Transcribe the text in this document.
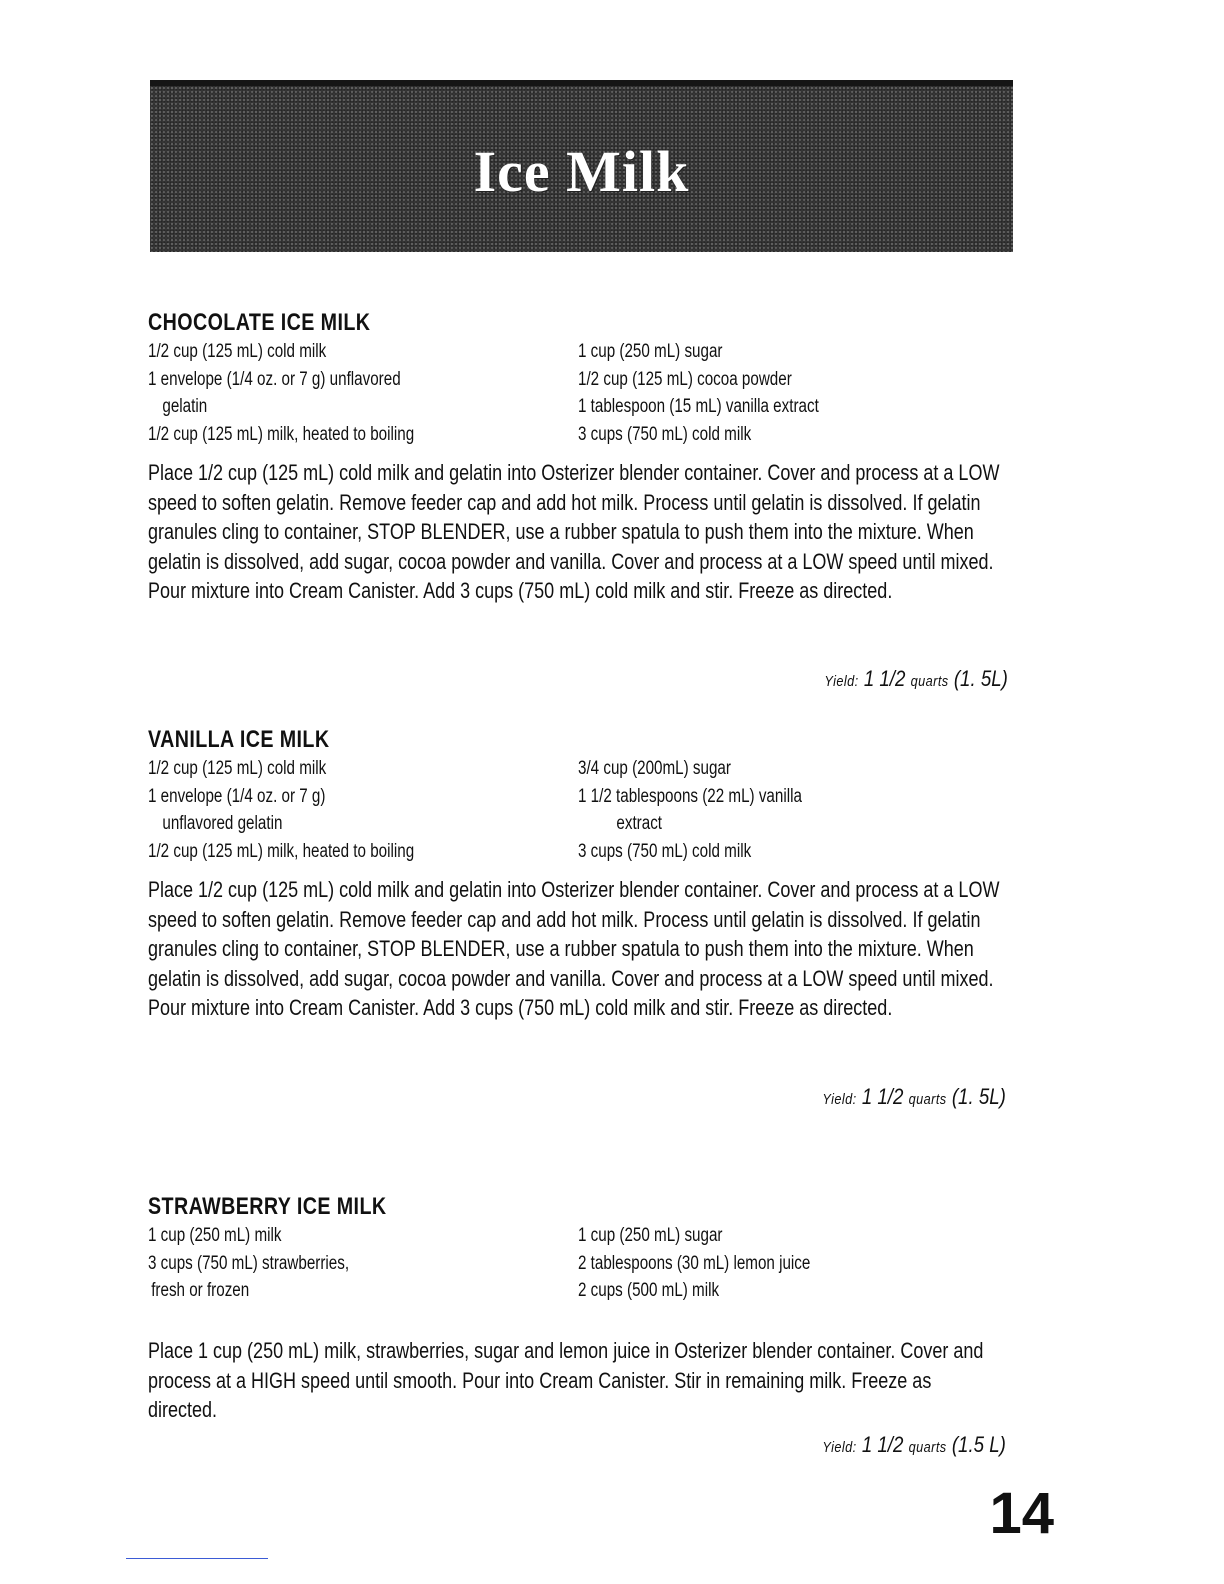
Ice Milk
CHOCOLATE ICE MILK
1/2 cup (125 mL) cold milk
1 envelope (1/4 oz. or 7 g) unflavored
gelatin
1/2 cup (125 mL) milk, heated to boiling
1 cup (250 mL) sugar
1/2 cup (125 mL) cocoa powder
1 tablespoon (15 mL) vanilla extract
3 cups (750 mL) cold milk

Place 1/2 cup (125 mL) cold milk and gelatin into Osterizer blender container. Cover and process at a LOW speed to soften gelatin. Remove feeder cap and add hot milk. Process until gelatin is dissolved. If gelatin granules cling to container, STOP BLENDER, use a rubber spatula to push them into the mixture. When gelatin is dissolved, add sugar, cocoa powder and vanilla. Cover and process at a LOW speed until mixed. Pour mixture into Cream Canister. Add 3 cups (750 mL) cold milk and stir. Freeze as directed.

Yield: 1 1/2 quarts (1. 5L)
VANILLA ICE MILK
1/2 cup (125 mL) cold milk
1 envelope (1/4 oz. or 7 g)
unflavored gelatin
1/2 cup (125 mL) milk, heated to boiling
3/4 cup (200mL) sugar
1 1/2 tablespoons (22 mL) vanilla
extract
3 cups (750 mL) cold milk

Place 1/2 cup (125 mL) cold milk and gelatin into Osterizer blender container. Cover and process at a LOW speed to soften gelatin. Remove feeder cap and add hot milk. Process until gelatin is dissolved. If gelatin granules cling to container, STOP BLENDER, use a rubber spatula to push them into the mixture. When gelatin is dissolved, add sugar, cocoa powder and vanilla. Cover and process at a LOW speed until mixed. Pour mixture into Cream Canister. Add 3 cups (750 mL) cold milk and stir. Freeze as directed.

Yield: 1 1/2 quarts (1. 5L)
STRAWBERRY ICE MILK
1 cup (250 mL) milk
3 cups (750 mL) strawberries,
fresh or frozen
1 cup (250 mL) sugar
2 tablespoons (30 mL) lemon juice
2 cups (500 mL) milk

Place 1 cup (250 mL) milk, strawberries, sugar and lemon juice in Osterizer blender container. Cover and process at a HIGH speed until smooth. Pour into Cream Canister. Stir in remaining milk. Freeze as directed.

Yield: 1 1/2 quarts (1.5 L)
14
